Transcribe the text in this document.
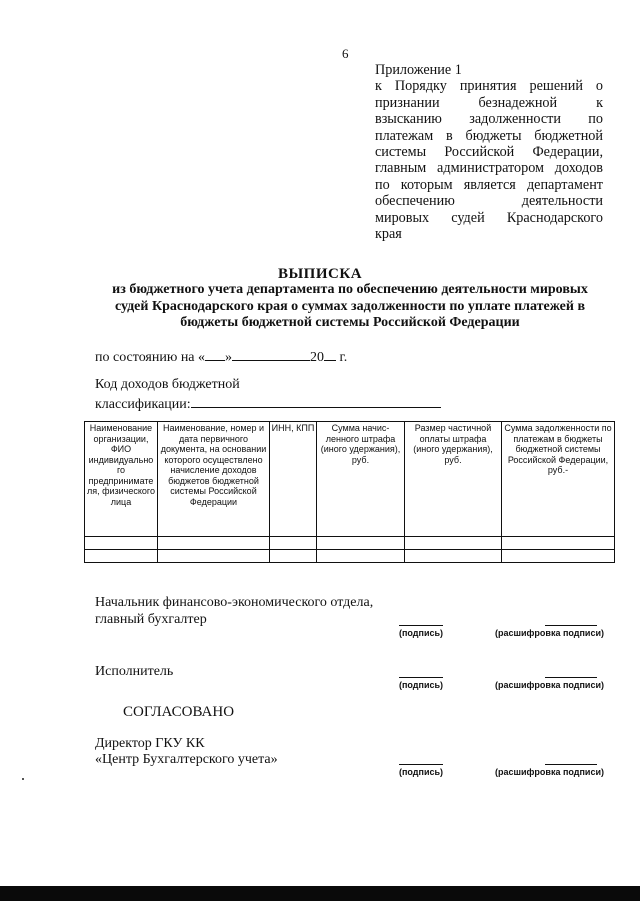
6
Приложение 1
к Порядку принятия решений о
признании безнадежной к
взысканию задолженности по
платежам в бюджеты бюджетной
системы Российской Федерации,
главным администратором доходов
по которым является департамент
обеспечению деятельности
мировых судей Краснодарского
края
ВЫПИСКА
из бюджетного учета департамента по обеспечению деятельности мировых
судей Краснодарского края о суммах задолженности по уплате платежей в
бюджеты бюджетной системы Российской Федерации
по состоянию на « »	20 г.
Код доходов бюджетной
классификации:
Наименование организации, ФИО индивидуально го предпринимате ля, физического лица	Наименование, номер и дата первичного документа, на основании которого осуществлено начисление доходов бюджетов бюджетной системы Российской Федерации	ИНН, КПП	Сумма начис- ленного штрафа (иного удержания), руб.	Размер частичной оплаты штрафа (иного удержания), руб.	Сумма задолженности по платежам в бюджеты бюджетной системы Российской Федерации, руб.-

Начальник финансово-экономического отдела,
главный бухгалтер
(подпись)	(расшифровка подписи)
Исполнитель
(подпись)	(расшифровка подписи)
СОГЛАСОВАНО
Директор ГКУ КК
«Центр Бухгалтерского учета»
(подпись)	(расшифровка подписи)
